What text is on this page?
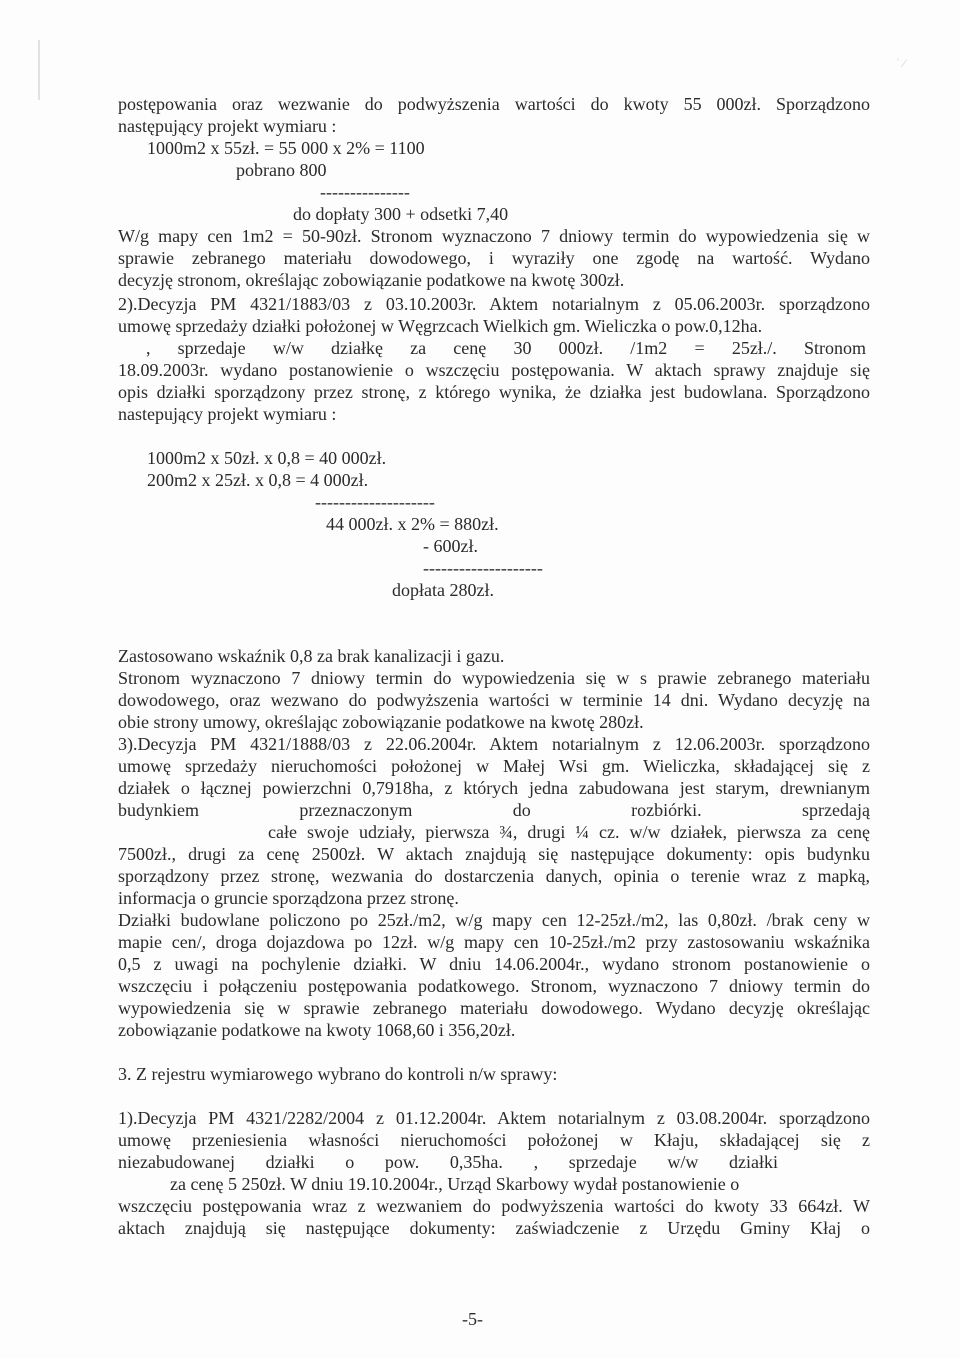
ˈ ⁄
postępowania oraz wezwanie do podwyższenia wartości do kwoty 55 000zł. Sporządzono
następujący projekt wymiaru :
1000m2 x 55zł. = 55 000 x 2% = 1100
pobrano 800
---------------
do dopłaty 300 + odsetki 7,40
W/g mapy cen 1m2 = 50-90zł. Stronom wyznaczono 7 dniowy termin do wypowiedzenia się w
sprawie zebranego materiału dowodowego, i wyraziły one zgodę na wartość. Wydano
decyzję stronom, określając zobowiązanie podatkowe na kwotę 300zł.
2).Decyzja PM 4321/1883/03 z 03.10.2003r. Aktem notarialnym z 05.06.2003r. sporządzono
umowę sprzedaży działki położonej w Węgrzcach Wielkich gm. Wieliczka o pow.0,12ha.
, sprzedaje w/w działkę za cenę 30 000zł. /1m2 = 25zł./. Stronom
18.09.2003r. wydano postanowienie o wszczęciu postępowania. W aktach sprawy znajduje się
opis działki sporządzony przez stronę, z którego wynika, że działka jest budowlana. Sporządzono
nastepujący projekt wymiaru :
1000m2 x 50zł. x 0,8 = 40 000zł.
200m2 x 25zł. x 0,8 = 4 000zł.
--------------------
44 000zł. x 2% = 880zł.
- 600zł.
--------------------
dopłata 280zł.
Zastosowano wskaźnik 0,8 za brak kanalizacji i gazu.
Stronom wyznaczono 7 dniowy termin do wypowiedzenia się w s prawie zebranego materiału
dowodowego, oraz wezwano do podwyższenia wartości w terminie 14 dni. Wydano decyzję na
obie strony umowy, określając zobowiązanie podatkowe na kwotę 280zł.
3).Decyzja PM 4321/1888/03 z 22.06.2004r. Aktem notarialnym z 12.06.2003r. sporządzono
umowę sprzedaży nieruchomości położonej w Małej Wsi gm. Wieliczka, składającej się z
działek o łącznej powierzchni 0,7918ha, z których jedna zabudowana jest starym, drewnianym
budynkiem przeznaczonym do rozbiórki. sprzedają
całe swoje udziały, pierwsza ¾, drugi ¼ cz. w/w działek, pierwsza za cenę
7500zł., drugi za cenę 2500zł. W aktach znajdują się następujące dokumenty: opis budynku
sporządzony przez stronę, wezwania do dostarczenia danych, opinia o terenie wraz z mapką,
informacja o gruncie sporządzona przez stronę.
Działki budowlane policzono po 25zł./m2, w/g mapy cen 12-25zł./m2, las 0,80zł. /brak ceny w
mapie cen/, droga dojazdowa po 12zł. w/g mapy cen 10-25zł./m2 przy zastosowaniu wskaźnika
0,5 z uwagi na pochylenie działki. W dniu 14.06.2004r., wydano stronom postanowienie o
wszczęciu i połączeniu postępowania podatkowego. Stronom, wyznaczono 7 dniowy termin do
wypowiedzenia się w sprawie zebranego materiału dowodowego. Wydano decyzję określając
zobowiązanie podatkowe na kwoty 1068,60 i 356,20zł.
3. Z rejestru wymiarowego wybrano do kontroli n/w sprawy:
1).Decyzja PM 4321/2282/2004 z 01.12.2004r. Aktem notarialnym z 03.08.2004r. sporządzono
umowę przeniesienia własności nieruchomości położonej w Kłaju, składającej się z
niezabudowanej działki o pow. 0,35ha. , sprzedaje w/w działki
za cenę 5 250zł. W dniu 19.10.2004r., Urząd Skarbowy wydał postanowienie o
wszczęciu postępowania wraz z wezwaniem do podwyższenia wartości do kwoty 33 664zł. W
aktach znajdują się następujące dokumenty: zaświadczenie z Urzędu Gminy Kłaj o
-5-
